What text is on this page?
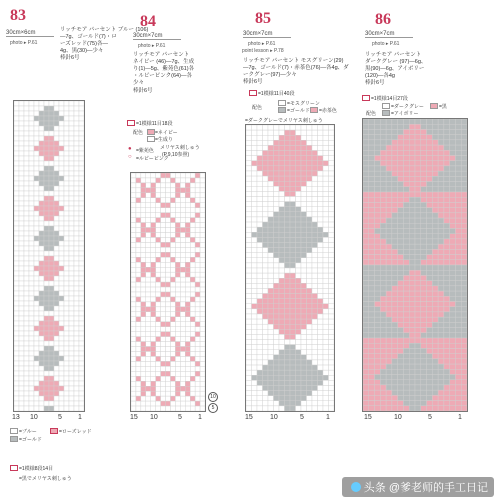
83
30cm×6cm
photo ▸ P.61
リッチモア パーセント ブルー (106)
—7g、ゴールド(7)・ロ
ーズレッド(75)各—
4g、黒(30)—少々
棒針6号
13 10	5 1
=ブルー	=ローズレッド
=ゴールド
=1模様8段14目
=黒でメリヤス刺しゅう
84
30cm×7cm
photo ▸ P.61
リッチモア パーセント
ネイビー (46)—7g、生成
り(1)—5g、紫苑色(61)各
・ルビーピンク(64)—各
少々
棒針6号
=1模様11目18段
配色 =ネイビー
=生成り
● =紫苑色 メリヤス刺しゅう
○ =ルビーピンク
(P.9,10参照)
15 10	5 1
5
10
85
30cm×7cm
photo ▸ P.61
point lesson ▸ P.78
リッチモア パーセント モスグリーン(29)
—7g、ゴールド(7)・赤茶色(76)—各4g、ダ
ークグレー(97)—少々
棒針6号
=1模様11目40段
配色
=モスグリーン
=ゴールド =赤茶色
=ダークグレーでメリヤス刺しゅう
15 10	5	1
86
30cm×7cm
photo ▸ P.61
リッチモア パーセント
ダークグレー (97)—6g、
黒(90)—6g、アイボリー
(120)—各4g
棒針6号
=1模様14目27段
配色
=ダークグレー	=黒
=アイボリー
15	10	5	1
头条 @爹老师的手工日记
